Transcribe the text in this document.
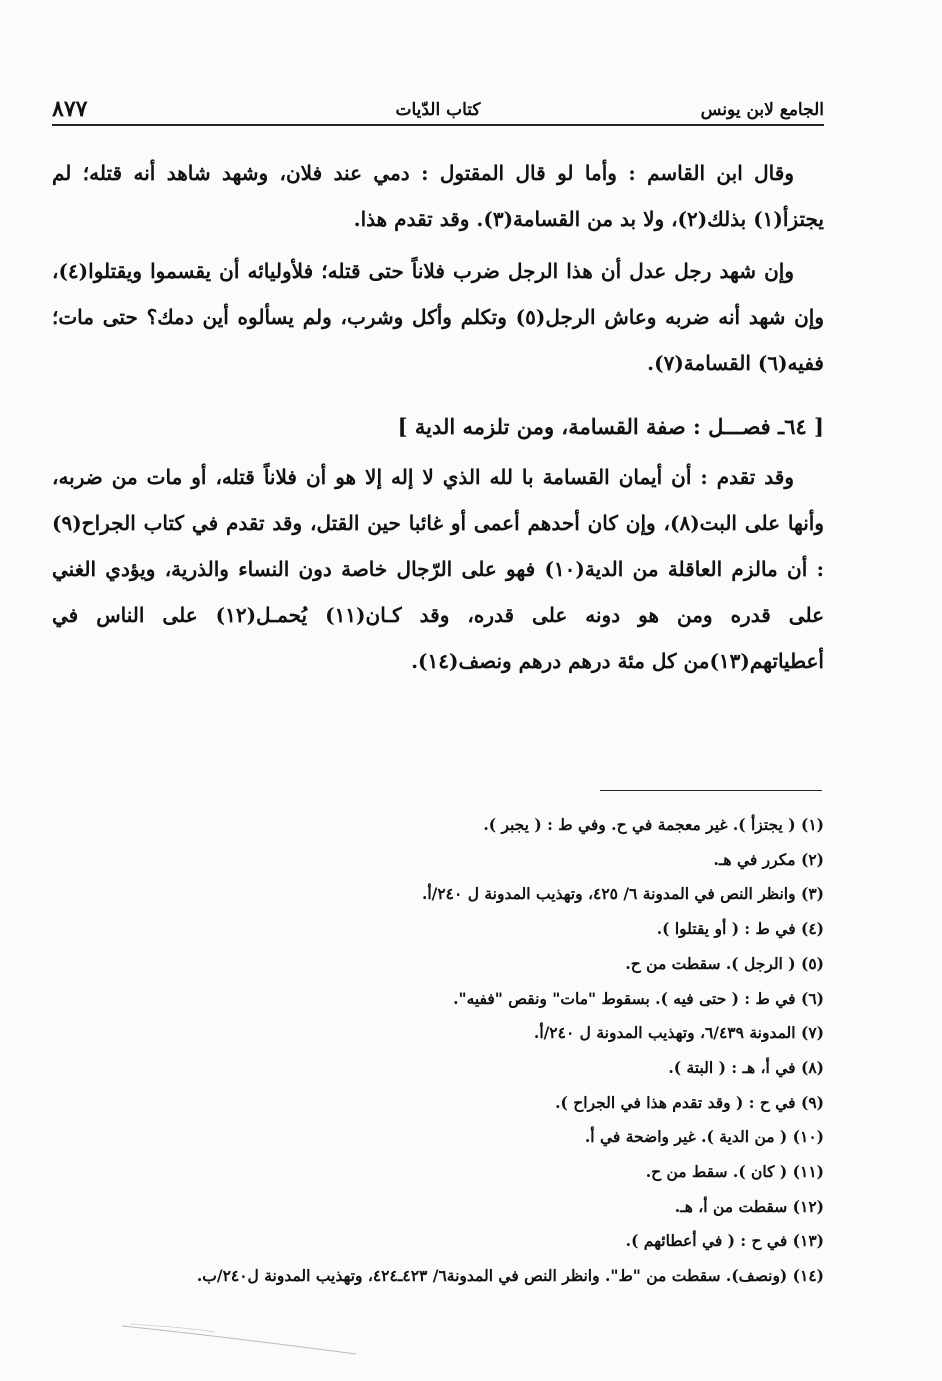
الجامع لابن يونس
كتاب الدّيات
٨٧٧

وقال ابن القاسم : وأما لو قال المقتول : دمي عند فلان، وشهد شاهد أنه قتله؛ لم يجتزأ(١) بذلك(٢)، ولا بد من القسامة(٣). وقد تقدم هذا.

وإن شهد رجل عدل أن هذا الرجل ضرب فلاناً حتى قتله؛ فلأوليائه أن يقسموا ويقتلوا(٤)، وإن شهد أنه ضربه وعاش الرجل(٥) وتكلم وأكل وشرب، ولم يسألوه أين دمك؟ حتى مات؛ ففيه(٦) القسامة(٧).

[ ٦٤ـ فصـــل : صفة القسامة، ومن تلزمه الدية ]

وقد تقدم : أن أيمان القسامة با لله الذي لا إله إلا هو أن فلاناً قتله، أو مات من ضربه، وأنها على البت(٨)، وإن كان أحدهم أعمى أو غائبا حين القتل، وقد تقدم في كتاب الجراح(٩) : أن مالزم العاقلة من الدية(١٠) فهو على الرّجال خاصة دون النساء والذرية، ويؤدي الغني على قدره ومن هو دونه على قدره، وقد كـان(١١) يُحمـل(١٢) على الناس في أعطياتهم(١٣)من كل مئة درهم درهم ونصف(١٤).

(١) ( يجتزأ ). غير معجمة في ح. وفي ط : ( يجبر ).
(٢) مكرر في هـ.
(٣) وانظر النص في المدونة ٦/ ٤٢٥، وتهذيب المدونة ل ٢٤٠/أ.
(٤) في ط : ( أو يقتلوا ).
(٥) ( الرجل ). سقطت من ح.
(٦) في ط : ( حتى فيه ). بسقوط "مات" ونقص "ففيه".
(٧) المدونة ٦/٤٣٩، وتهذيب المدونة ل ٢٤٠/أ.
(٨) في أ، هـ : ( البتة ).
(٩) في ح : ( وقد تقدم هذا في الجراح ).
(١٠) ( من الدية ). غير واضحة في أ.
(١١) ( كان ). سقط من ح.
(١٢) سقطت من أ، هـ.
(١٣) في ح : ( في أعطائهم ).
(١٤) (ونصف). سقطت من "ط". وانظر النص في المدونة٦/ ٤٢٣ـ٤٢٤، وتهذيب المدونة ل٢٤٠/ب.
